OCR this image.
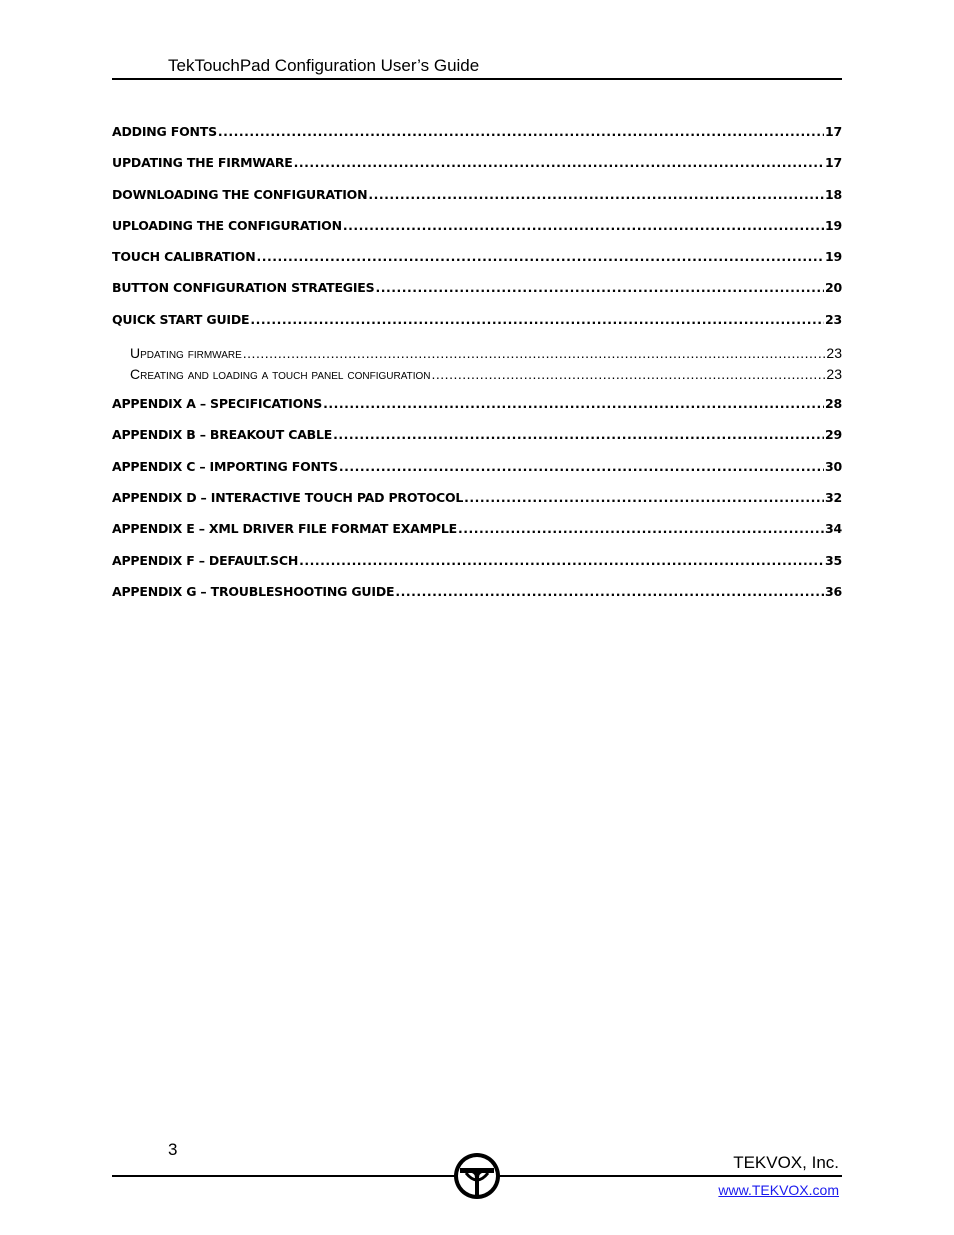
TekTouchPad Configuration User’s Guide
ADDING FONTS .....	17
UPDATING THE FIRMWARE .....	17
DOWNLOADING THE CONFIGURATION .....	18
UPLOADING THE CONFIGURATION .....	19
TOUCH CALIBRATION .....	19
BUTTON CONFIGURATION STRATEGIES .....	20
QUICK START GUIDE .....	23
Updating firmware .....	23
Creating and loading a touch panel configuration .....	23
APPENDIX A – SPECIFICATIONS .....	28
APPENDIX B – BREAKOUT CABLE .....	29
APPENDIX C – IMPORTING FONTS .....	30
APPENDIX D – INTERACTIVE TOUCH PAD PROTOCOL .....	32
APPENDIX E – XML DRIVER FILE FORMAT EXAMPLE .....	34
APPENDIX F – DEFAULT.SCH .....	35
APPENDIX G – TROUBLESHOOTING GUIDE .....	36
3
TEKVOX, Inc.
www.TEKVOX.com
